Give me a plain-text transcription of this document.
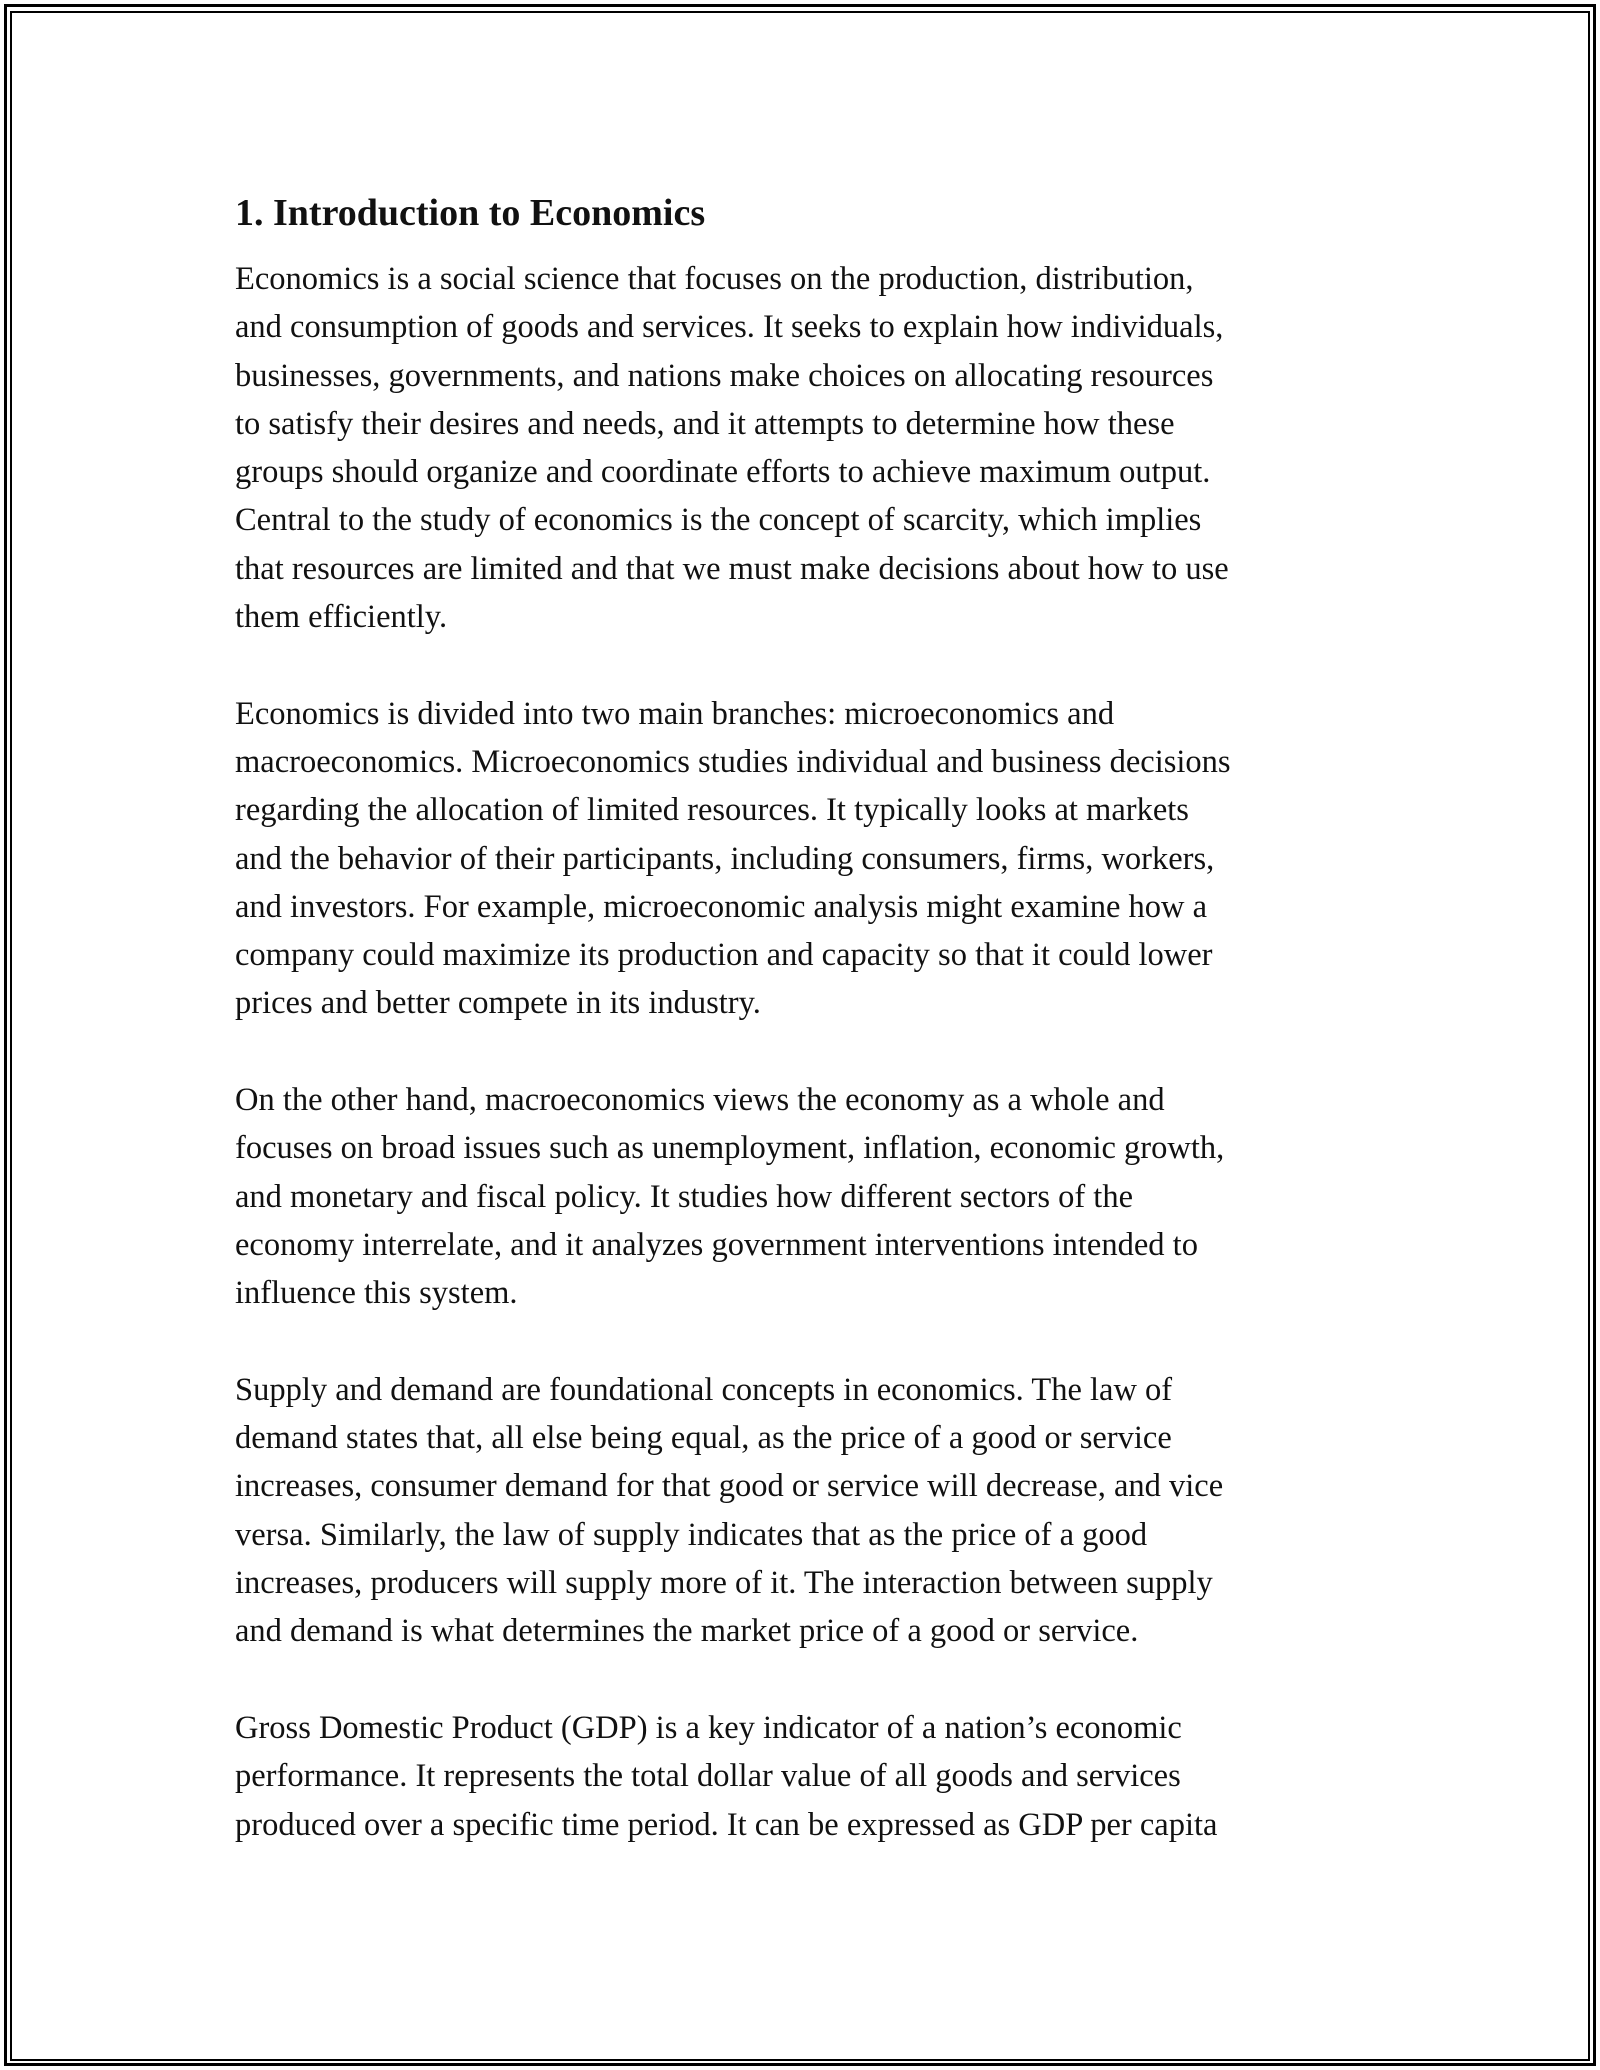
1. Introduction to Economics

Economics is a social science that focuses on the production, distribution,
and consumption of goods and services. It seeks to explain how individuals,
businesses, governments, and nations make choices on allocating resources
to satisfy their desires and needs, and it attempts to determine how these
groups should organize and coordinate efforts to achieve maximum output.
Central to the study of economics is the concept of scarcity, which implies
that resources are limited and that we must make decisions about how to use
them efficiently.

Economics is divided into two main branches: microeconomics and
macroeconomics. Microeconomics studies individual and business decisions
regarding the allocation of limited resources. It typically looks at markets
and the behavior of their participants, including consumers, firms, workers,
and investors. For example, microeconomic analysis might examine how a
company could maximize its production and capacity so that it could lower
prices and better compete in its industry.

On the other hand, macroeconomics views the economy as a whole and
focuses on broad issues such as unemployment, inflation, economic growth,
and monetary and fiscal policy. It studies how different sectors of the
economy interrelate, and it analyzes government interventions intended to
influence this system.

Supply and demand are foundational concepts in economics. The law of
demand states that, all else being equal, as the price of a good or service
increases, consumer demand for that good or service will decrease, and vice
versa. Similarly, the law of supply indicates that as the price of a good
increases, producers will supply more of it. The interaction between supply
and demand is what determines the market price of a good or service.

Gross Domestic Product (GDP) is a key indicator of a nation’s economic
performance. It represents the total dollar value of all goods and services
produced over a specific time period. It can be expressed as GDP per capita
